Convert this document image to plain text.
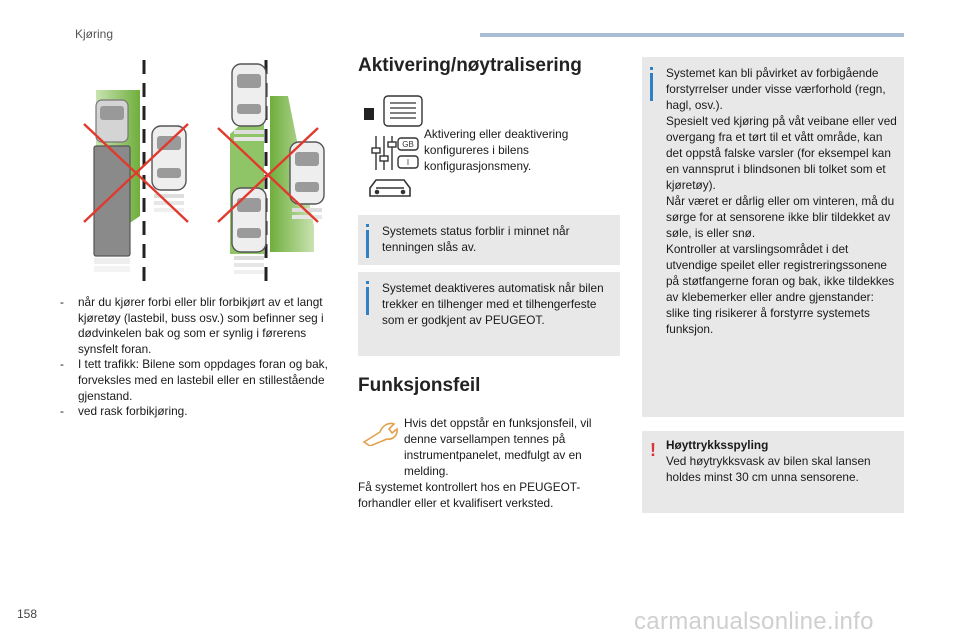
Kjøring

- når du kjører forbi eller blir forbikjørt av et langt kjøretøy (lastebil, buss osv.) som befinner seg i dødvinkelen bak og som er synlig i førerens synsfelt foran.

- I tett trafikk: Bilene som oppdages foran og bak, forveksles med en lastebil eller en stillestående gjenstand.

- ved rask forbikjøring.

Aktivering/nøytralisering
GB
I
Aktivering eller deaktivering konfigureres i bilens konfigurasjonsmeny.

Systemets status forblir i minnet når tenningen slås av.

Systemet deaktiveres automatisk når bilen trekker en tilhenger med et tilhengerfeste som er godkjent av PEUGEOT.

Funksjonsfeil
Hvis det oppstår en funksjonsfeil, vil denne varsellampen tennes på instrumentpanelet, medfulgt av en melding.
Få systemet kontrollert hos en PEUGEOT-forhandler eller et kvalifisert verksted.

Systemet kan bli påvirket av forbigående forstyrrelser under visse værforhold (regn, hagl, osv.).
Spesielt ved kjøring på våt veibane eller ved overgang fra et tørt til et vått område, kan det oppstå falske varsler (for eksempel kan en vannsprut i blindsonen bli tolket som et kjøretøy).
Når været er dårlig eller om vinteren, må du sørge for at sensorene ikke blir tildekket av søle, is eller snø.
Kontroller at varslingsområdet i det utvendige speilet eller registreringssonene på støtfangerne foran og bak, ikke tildekkes av klebemerker eller andre gjenstander: slike ting risikerer å forstyrre systemets funksjon.

! Høyttrykksspyling

Ved høytrykksvask av bilen skal lansen holdes minst 30 cm unna sensorene.

158	carmanualsonline.info
